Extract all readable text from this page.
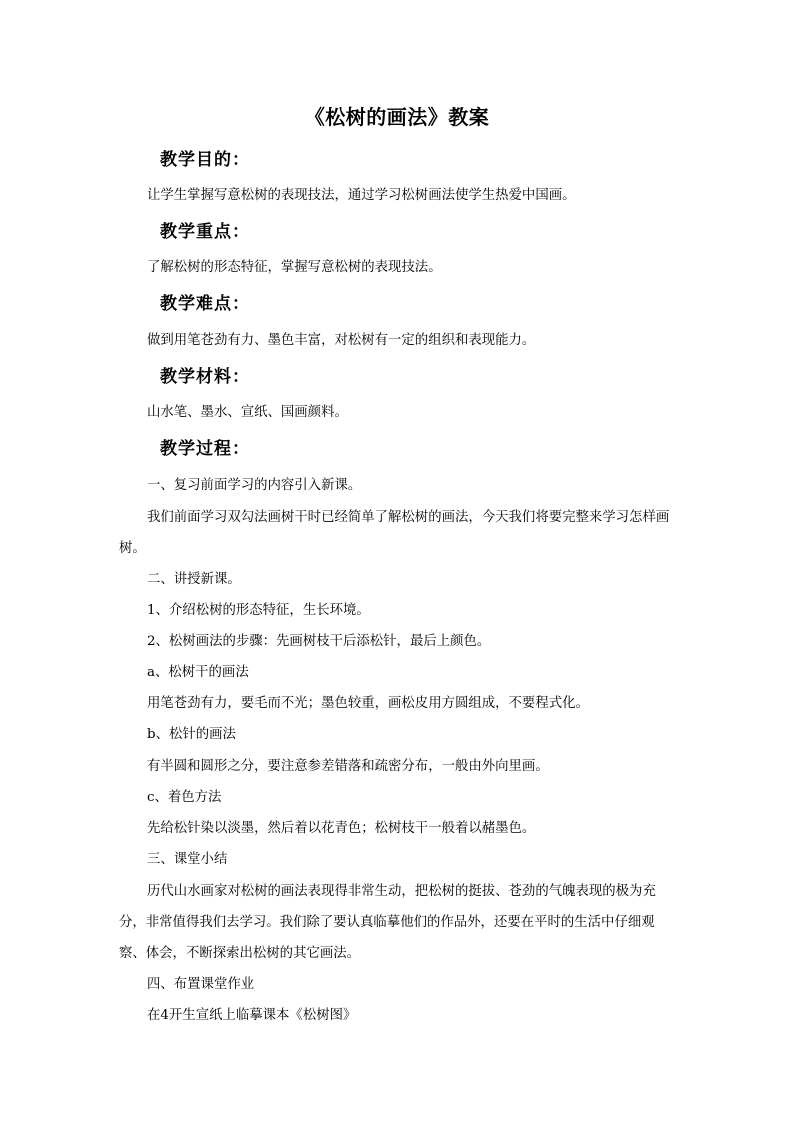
《松树的画法》教案
教学目的：
让学生掌握写意松树的表现技法，通过学习松树画法使学生热爱中国画。
教学重点：
了解松树的形态特征，掌握写意松树的表现技法。
教学难点：
做到用笔苍劲有力、墨色丰富，对松树有一定的组织和表现能力。
教学材料：
山水笔、墨水、宣纸、国画颜料。
教学过程：
一、复习前面学习的内容引入新课。
我们前面学习双勾法画树干时已经简单了解松树的画法，今天我们将要完整来学习怎样画树。
二、讲授新课。
1、介绍松树的形态特征，生长环境。
2、松树画法的步骤：先画树枝干后添松针，最后上颜色。
a、松树干的画法
用笔苍劲有力，要毛而不光；墨色较重，画松皮用方圆组成，不要程式化。
b、松针的画法
有半圆和圆形之分，要注意参差错落和疏密分布，一般由外向里画。
c、着色方法
先给松针染以淡墨，然后着以花青色；松树枝干一般着以赭墨色。
三、课堂小结
历代山水画家对松树的画法表现得非常生动，把松树的挺拔、苍劲的气魄表现的极为充分，非常值得我们去学习。我们除了要认真临摹他们的作品外，还要在平时的生活中仔细观察、体会，不断探索出松树的其它画法。
四、布置课堂作业
在4开生宣纸上临摹课本《松树图》
